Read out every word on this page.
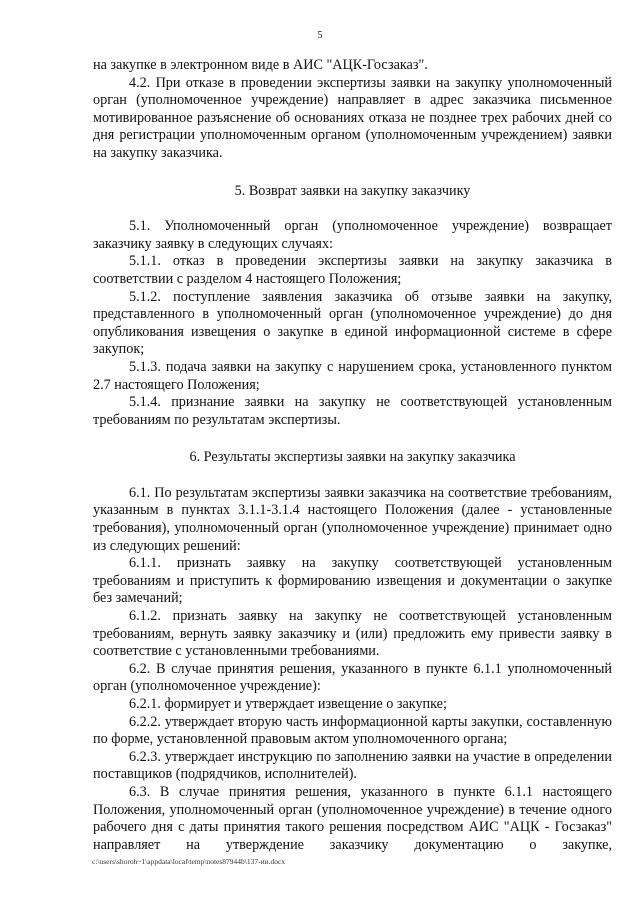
5

на закупке в электронном виде в АИС "АЦК-Госзаказ".

4.2. При отказе в проведении экспертизы заявки на закупку уполномоченный орган (уполномоченное учреждение) направляет в адрес заказчика письменное мотивированное разъяснение об основаниях отказа не позднее трех рабочих дней со дня регистрации уполномоченным органом (уполномоченным учреждением) заявки на закупку заказчика.

5. Возврат заявки на закупку заказчику

5.1. Уполномоченный орган (уполномоченное учреждение) возвращает заказчику заявку в следующих случаях:

5.1.1. отказ в проведении экспертизы заявки на закупку заказчика в соответствии с разделом 4 настоящего Положения;

5.1.2. поступление заявления заказчика об отзыве заявки на закупку, представленного в уполномоченный орган (уполномоченное учреждение) до дня опубликования извещения о закупке в единой информационной системе в сфере закупок;

5.1.3. подача заявки на закупку с нарушением срока, установленного пунктом 2.7 настоящего Положения;

5.1.4. признание заявки на закупку не соответствующей установленным требованиям по результатам экспертизы.

6. Результаты экспертизы заявки на закупку заказчика

6.1. По результатам экспертизы заявки заказчика на соответствие требованиям, указанным в пунктах 3.1.1-3.1.4 настоящего Положения (далее - установленные требования), уполномоченный орган (уполномоченное учреждение) принимает одно из следующих решений:

6.1.1. признать заявку на закупку соответствующей установленным требованиям и приступить к формированию извещения и документации о закупке без замечаний;

6.1.2. признать заявку на закупку не соответствующей установленным требованиям, вернуть заявку заказчику и (или) предложить ему привести заявку в соответствие с установленными требованиями.

6.2. В случае принятия решения, указанного в пункте 6.1.1 уполномоченный орган (уполномоченное учреждение):

6.2.1. формирует и утверждает извещение о закупке;

6.2.2. утверждает вторую часть информационной карты закупки, составленную по форме, установленной правовым актом уполномоченного органа;

6.2.3. утверждает инструкцию по заполнению заявки на участие в определении поставщиков (подрядчиков, исполнителей).

6.3. В случае принятия решения, указанного в пункте 6.1.1 настоящего Положения, уполномоченный орган (уполномоченное учреждение) в течение одного рабочего дня с даты принятия такого решения посредством АИС "АЦК - Госзаказ" направляет на утверждение заказчику документацию о закупке,

c:\users\shoroh~1\appdata\local\temp\notes87944b\137-ии.docx
